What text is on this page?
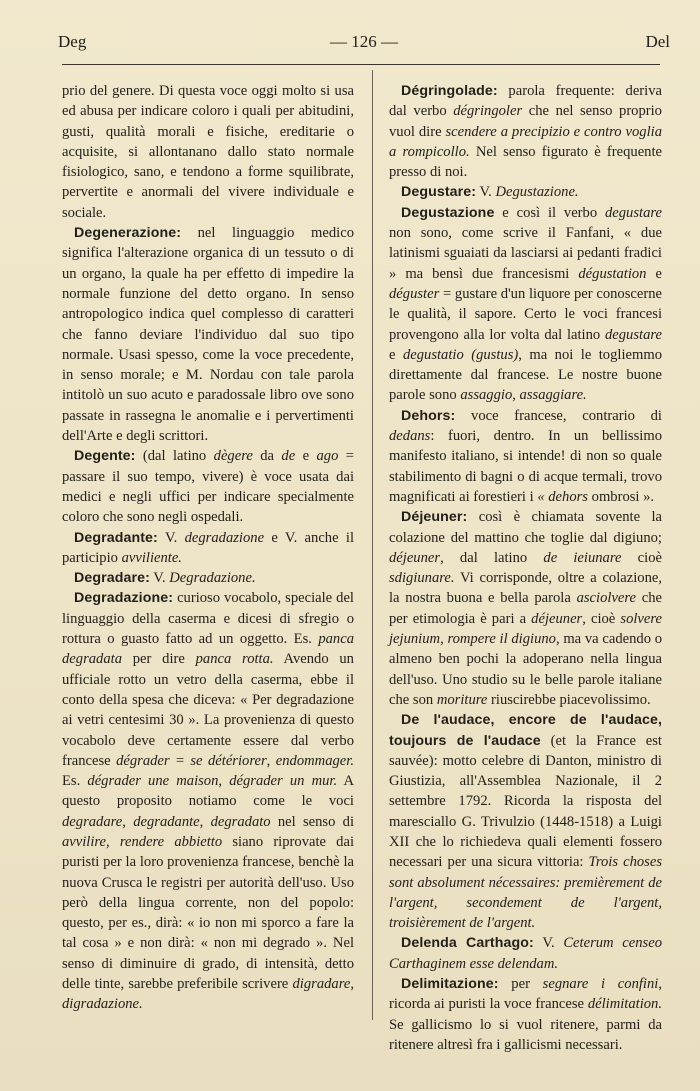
Deg	— 126 —	Del

prio del genere. Di questa voce oggi molto si usa ed abusa per indicare coloro i quali per abitudini, gusti, qualità morali e fisiche, ereditarie o acquisite, si allontanano dallo stato normale fisiologico, sano, e tendono a forme squilibrate, pervertite e anormali del vivere individuale e sociale.

Degenerazione: nel linguaggio medico significa l'alterazione organica di un tessuto o di un organo, la quale ha per effetto di impedire la normale funzione del detto organo. In senso antropologico indica quel complesso di caratteri che fanno deviare l'individuo dal suo tipo normale. Usasi spesso, come la voce precedente, in senso morale; e M. Nordau con tale parola intitolò un suo acuto e paradossale libro ove sono passate in rassegna le anomalie e i pervertimenti dell'Arte e degli scrittori.

Degente: (dal latino dègere da de e ago = passare il suo tempo, vivere) è voce usata dai medici e negli uffici per indicare specialmente coloro che sono negli ospedali.

Degradante: V. degradazione e V. anche il participio avviliente.

Degradare: V. Degradazione.

Degradazione: curioso vocabolo, speciale del linguaggio della caserma e dicesi di sfregio o rottura o guasto fatto ad un oggetto. Es. panca degradata per dire panca rotta. Avendo un ufficiale rotto un vetro della caserma, ebbe il conto della spesa che diceva: « Per degradazione ai vetri centesimi 30 ». La provenienza di questo vocabolo deve certamente essere dal verbo francese dégrader = se détériorer, endommager. Es. dégrader une maison, dégrader un mur. A questo proposito notiamo come le voci degradare, degradante, degradato nel senso di avvilire, rendere abbietto siano riprovate dai puristi per la loro provenienza francese, benchè la nuova Crusca le registri per autorità dell'uso. Uso però della lingua corrente, non del popolo: questo, per es., dirà: « io non mi sporco a fare la tal cosa » e non dirà: « non mi degrado ». Nel senso di diminuire di grado, di intensità, detto delle tinte, sarebbe preferibile scrivere digradare, digradazione.

Dégringolade: parola frequente: deriva dal verbo dégringoler che nel senso proprio vuol dire scendere a precipizio e contro voglia a rompicollo. Nel senso figurato è frequente presso di noi.

Degustare: V. Degustazione.

Degustazione e così il verbo degustare non sono, come scrive il Fanfani, « due latinismi sguaiati da lasciarsi ai pedanti fradici » ma bensì due francesismi dégustation e déguster = gustare d'un liquore per conoscerne le qualità, il sapore. Certo le voci francesi provengono alla lor volta dal latino degustare e degustatio (gustus), ma noi le togliemmo direttamente dal francese. Le nostre buone parole sono assaggio, assaggiare.

Dehors: voce francese, contrario di dedans: fuori, dentro. In un bellissimo manifesto italiano, si intende! di non so quale stabilimento di bagni o di acque termali, trovo magnificati ai forestieri i « dehors ombrosi ».

Déjeuner: così è chiamata sovente la colazione del mattino che toglie dal digiuno; déjeuner, dal latino de ieiunare cioè sdigiunare. Vi corrisponde, oltre a colazione, la nostra buona e bella parola asciolvere che per etimologia è pari a déjeuner, cioè solvere jejunium, rompere il digiuno, ma va cadendo o almeno ben pochi la adoperano nella lingua dell'uso. Uno studio su le belle parole italiane che son moriture riuscirebbe piacevolissimo.

De l'audace, encore de l'audace, toujours de l'audace (et la France est sauvée): motto celebre di Danton, ministro di Giustizia, all'Assemblea Nazionale, il 2 settembre 1792. Ricorda la risposta del maresciallo G. Trivulzio (1448-1518) a Luigi XII che lo richiedeva quali elementi fossero necessari per una sicura vittoria: Trois choses sont absolument nécessaires: premièrement de l'argent, secondement de l'argent, troisièrement de l'argent.

Delenda Carthago: V. Ceterum censeo Carthaginem esse delendam.

Delimitazione: per segnare i confini, ricorda ai puristi la voce francese délimitation. Se gallicismo lo si vuol ritenere, parmi da ritenere altresì fra i gallicismi necessari.
